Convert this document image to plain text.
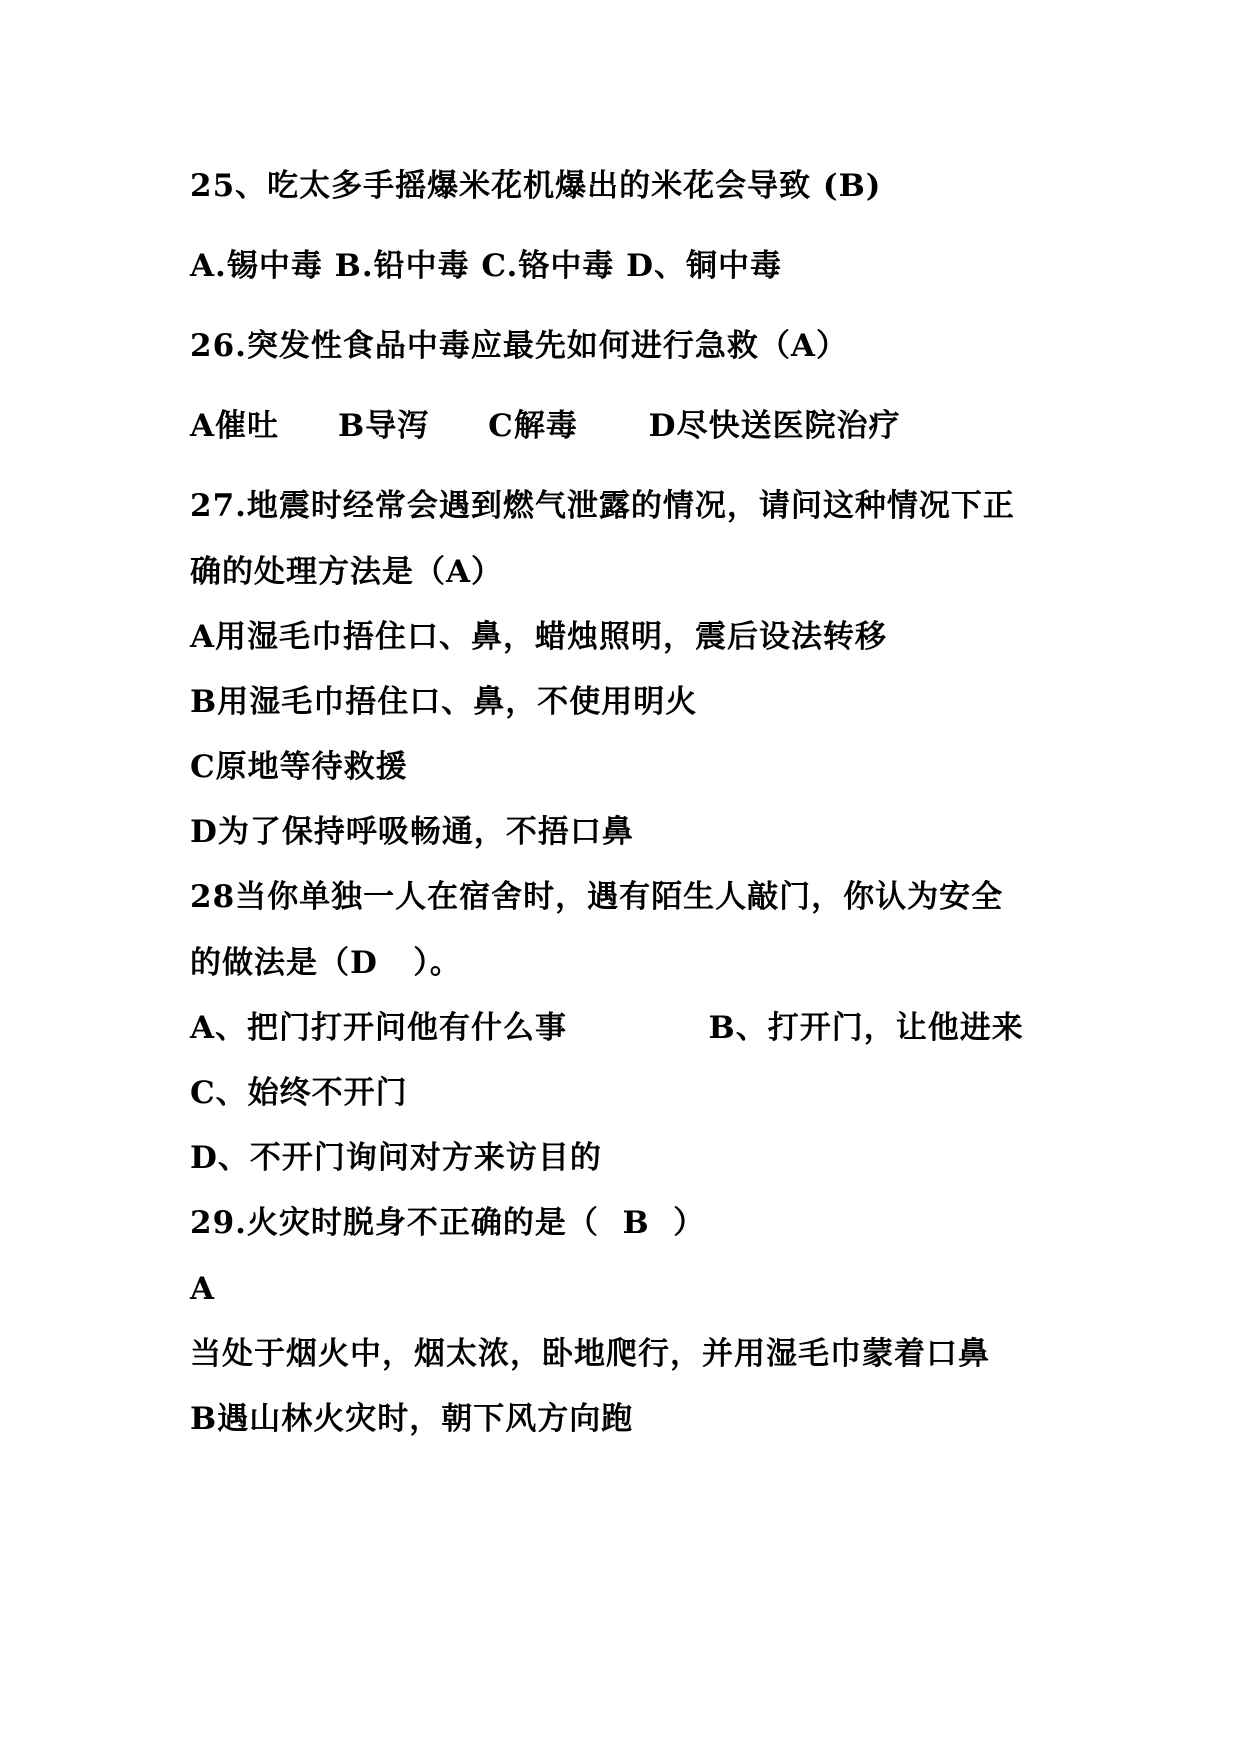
25、吃太多手摇爆米花机爆出的米花会导致 (B)
A.锡中毒 B.铅中毒 C.铬中毒 D、铜中毒
26.突发性食品中毒应最先如何进行急救（A）
A催吐     B导泻     C解毒      D尽快送医院治疗
27.地震时经常会遇到燃气泄露的情况，请问这种情况下正
确的处理方法是（A）
A用湿毛巾捂住口、鼻，蜡烛照明，震后设法转移
B用湿毛巾捂住口、鼻，不使用明火
C原地等待救援
D为了保持呼吸畅通，不捂口鼻
28当你单独一人在宿舍时，遇有陌生人敲门，你认为安全
的做法是（D   ）。
A、把门打开问他有什么事            B、打开门，让他进来
C、始终不开门
D、不开门询问对方来访目的
29.火灾时脱身不正确的是（  B  ）
A
当处于烟火中，烟太浓，卧地爬行，并用湿毛巾蒙着口鼻
B遇山林火灾时，朝下风方向跑
